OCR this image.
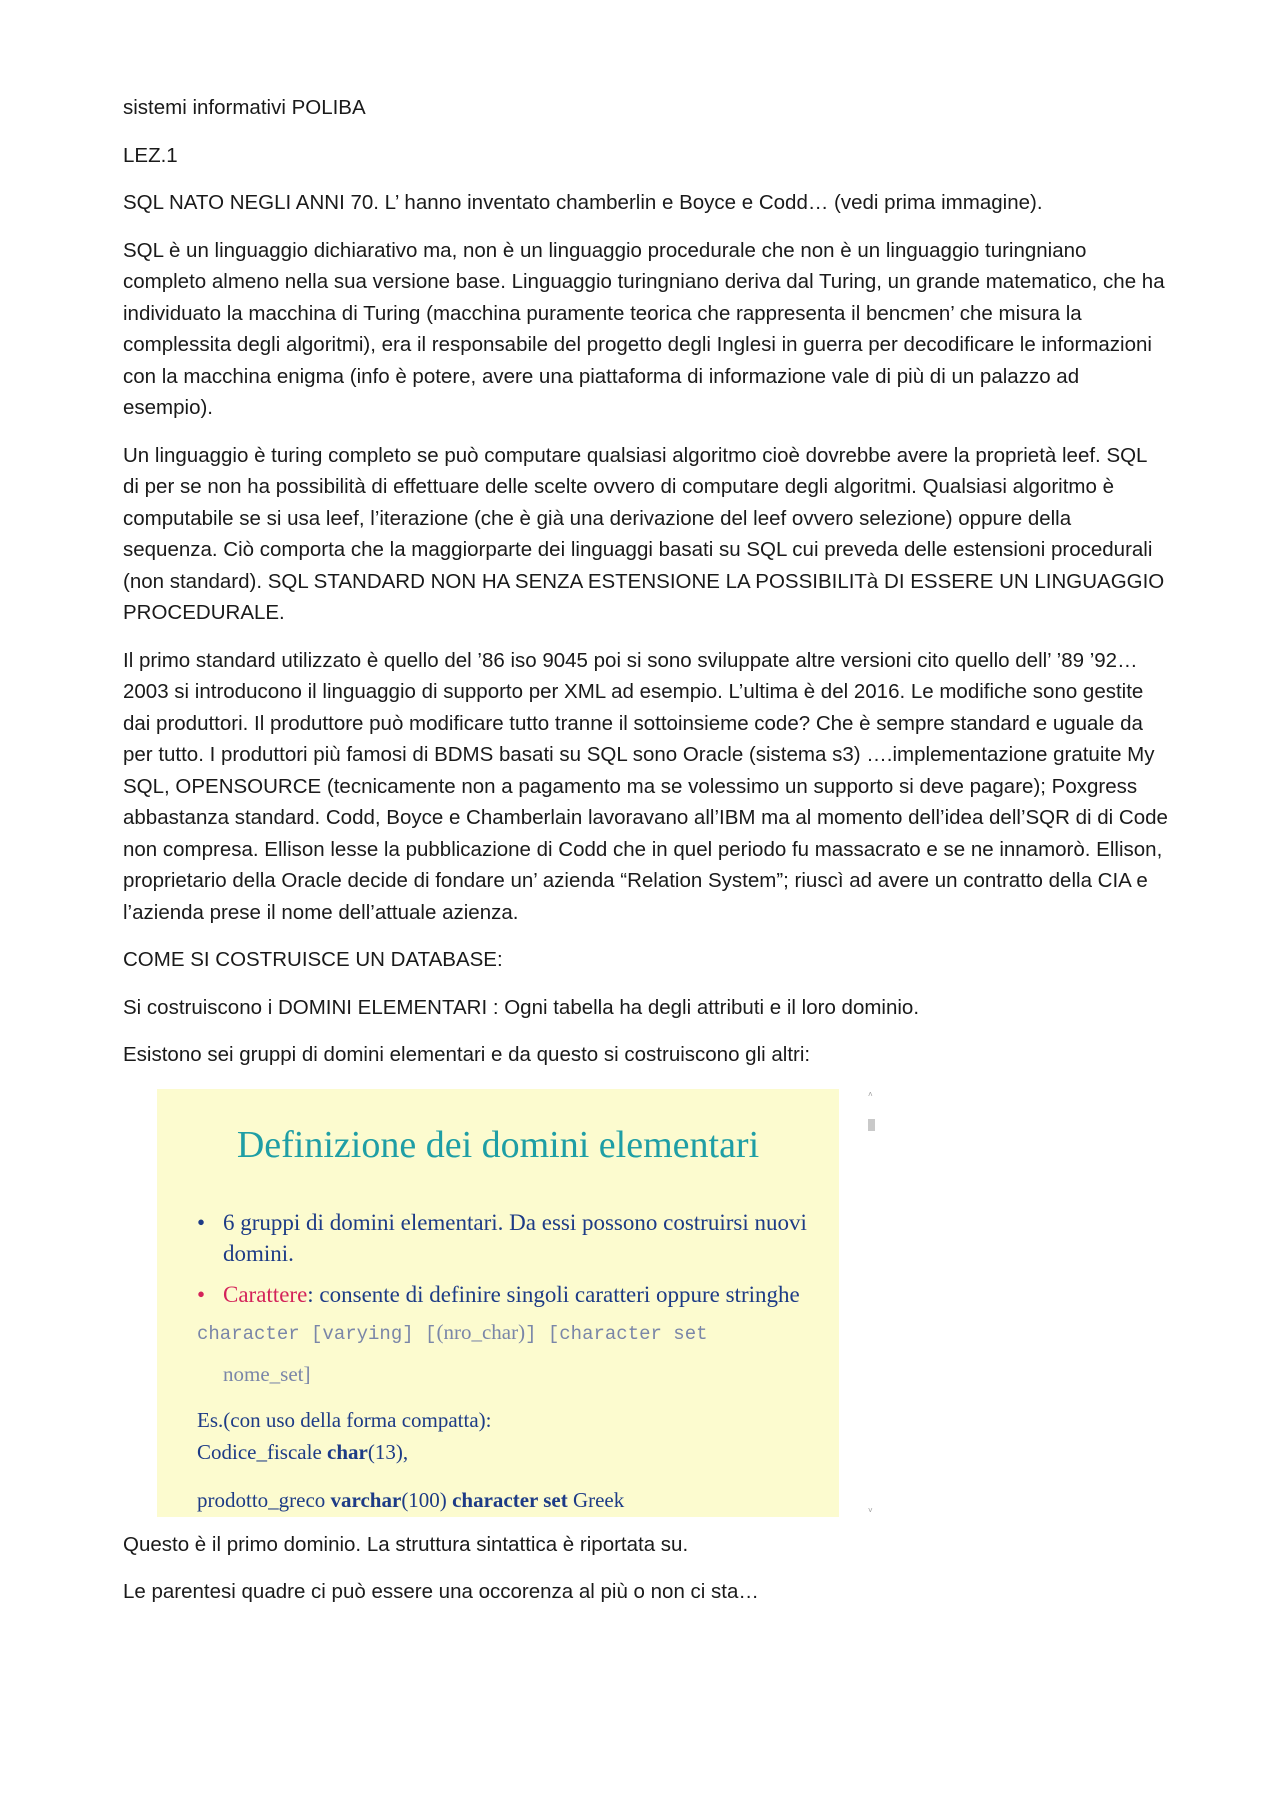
sistemi informativi POLIBA

LEZ.1

SQL NATO NEGLI ANNI 70. L’ hanno inventato chamberlin e Boyce e Codd… (vedi prima immagine).

SQL è un linguaggio dichiarativo ma, non è un linguaggio procedurale che non è un linguaggio turingniano completo almeno nella sua versione base. Linguaggio turingniano deriva dal Turing, un grande matematico, che ha individuato la macchina di Turing (macchina puramente teorica che rappresenta il bencmen’ che misura la complessita degli algoritmi), era il responsabile del progetto degli Inglesi in guerra per decodificare le informazioni con la macchina enigma (info è potere, avere una piattaforma di informazione vale di più di un palazzo ad esempio).

Un linguaggio è turing completo se può computare qualsiasi algoritmo cioè dovrebbe avere la proprietà leef. SQL di per se non ha possibilità di effettuare delle scelte ovvero di computare degli algoritmi. Qualsiasi algoritmo è computabile se si usa leef, l’iterazione (che è già una derivazione del leef ovvero selezione) oppure della sequenza. Ciò comporta che la maggiorparte dei linguaggi basati su SQL cui preveda delle estensioni procedurali (non standard). SQL STANDARD NON HA SENZA ESTENSIONE LA POSSIBILITà DI ESSERE UN LINGUAGGIO PROCEDURALE.

Il primo standard utilizzato è quello del ’86 iso 9045 poi si sono sviluppate altre versioni cito quello dell’ ’89 ’92…2003 si introducono il linguaggio di supporto per XML ad esempio. L’ultima è del 2016. Le modifiche sono gestite dai produttori. Il produttore può modificare tutto tranne il sottoinsieme code? Che è sempre standard e uguale da per tutto. I produttori più famosi di BDMS basati su SQL sono Oracle (sistema s3) ….implementazione gratuite My SQL, OPENSOURCE (tecnicamente non a pagamento ma se volessimo un supporto si deve pagare); Poxgress abbastanza standard. Codd, Boyce e Chamberlain lavoravano all’IBM ma al momento dell’idea dell’SQR di di Code non compresa. Ellison lesse la pubblicazione di Codd che in quel periodo fu massacrato e se ne innamorò. Ellison, proprietario della Oracle decide di fondare un’ azienda “Relation System”; riuscì ad avere un contratto della CIA e l’azienda prese il nome dell’attuale azienza.

COME SI COSTRUISCE UN DATABASE:

Si costruiscono i DOMINI ELEMENTARI : Ogni tabella ha degli attributi e il loro dominio.

Esistono sei gruppi di domini elementari e da questo si costruiscono gli altri:

Definizione dei domini elementari
• 6 gruppi di domini elementari. Da essi possono costruirsi nuovi domini.
• Carattere: consente di definire singoli caratteri oppure stringhe

character [varying] [(nro_char)] [character set

nome_set]

Es.(con uso della forma compatta):

Codice_fiscale char(13),

prodotto_greco varchar(100) character set Greek

˄
˅

Questo è il primo dominio. La struttura sintattica è riportata su.

Le parentesi quadre ci può essere una occorenza al più o non ci sta…
